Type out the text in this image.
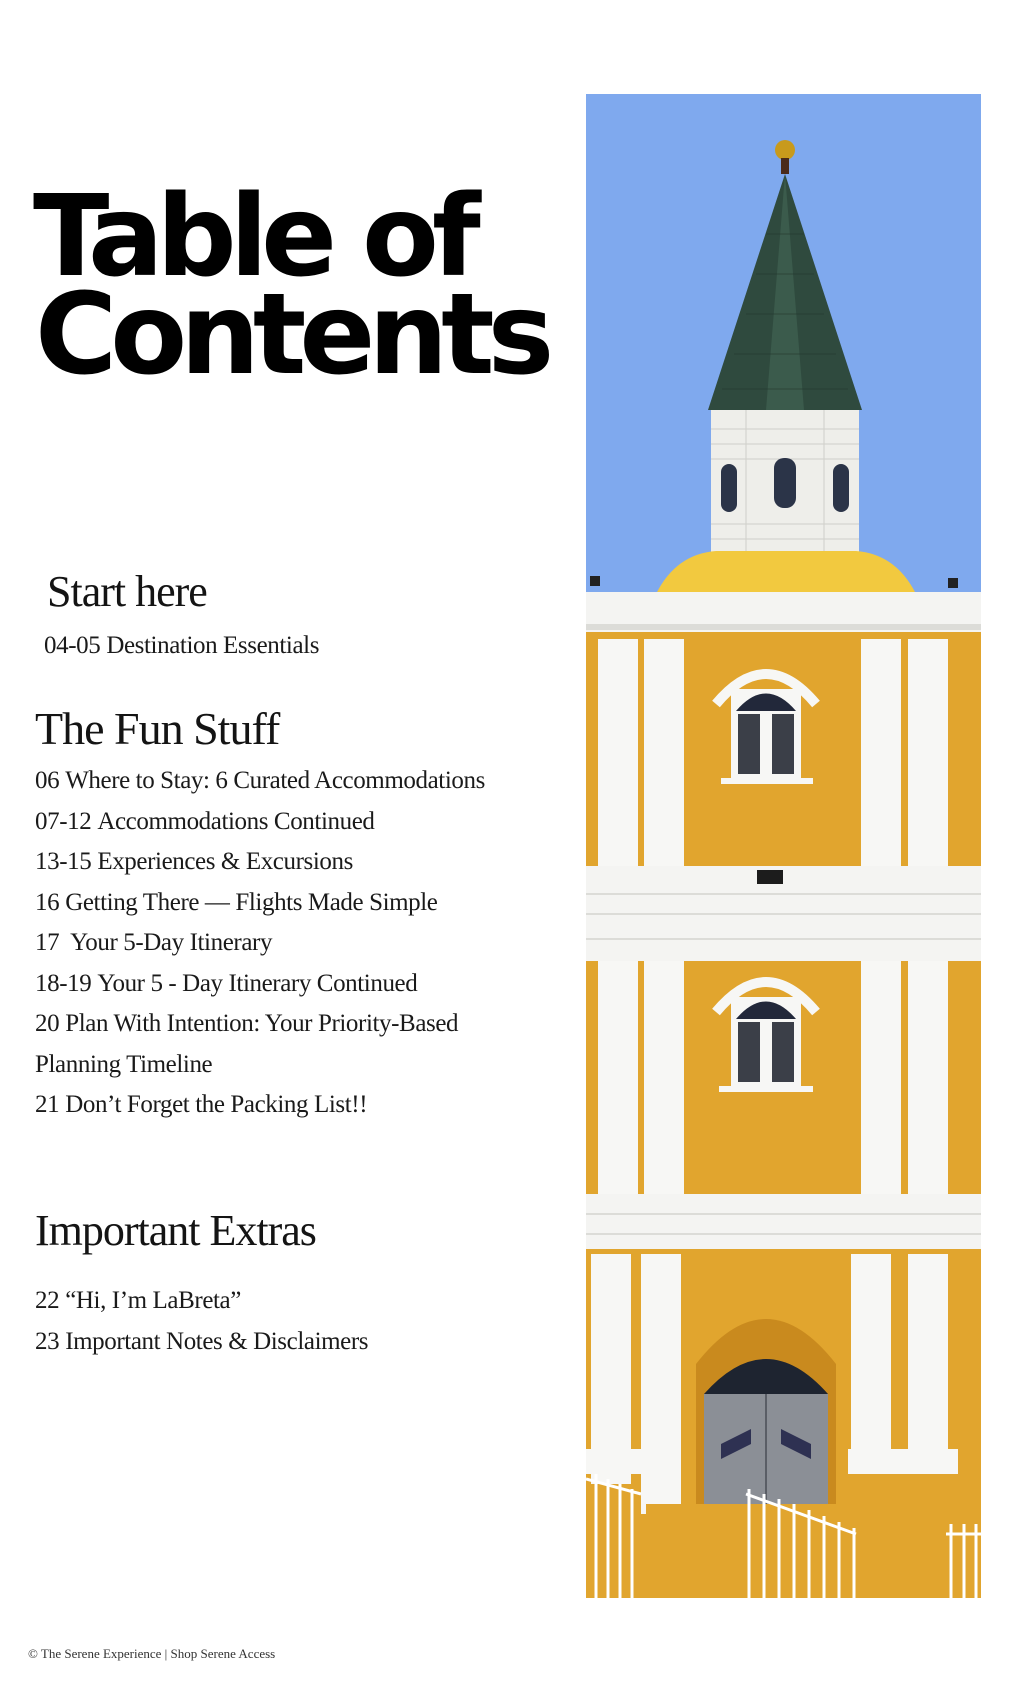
Table of
Contents
Start here
04-05 Destination Essentials
The Fun Stuff
06 Where to Stay: 6 Curated Accommodations
07-12 Accommodations Continued
13-15 Experiences & Excursions
16 Getting There — Flights Made Simple
17 Your 5-Day Itinerary
18-19 Your 5 - Day Itinerary Continued
20 Plan With Intention: Your Priority-Based
Planning Timeline
21 Don’t Forget the Packing List!!
Important Extras
22 “Hi, I’m LaBreta”
23 Important Notes & Disclaimers
© The Serene Experience | Shop Serene Access
